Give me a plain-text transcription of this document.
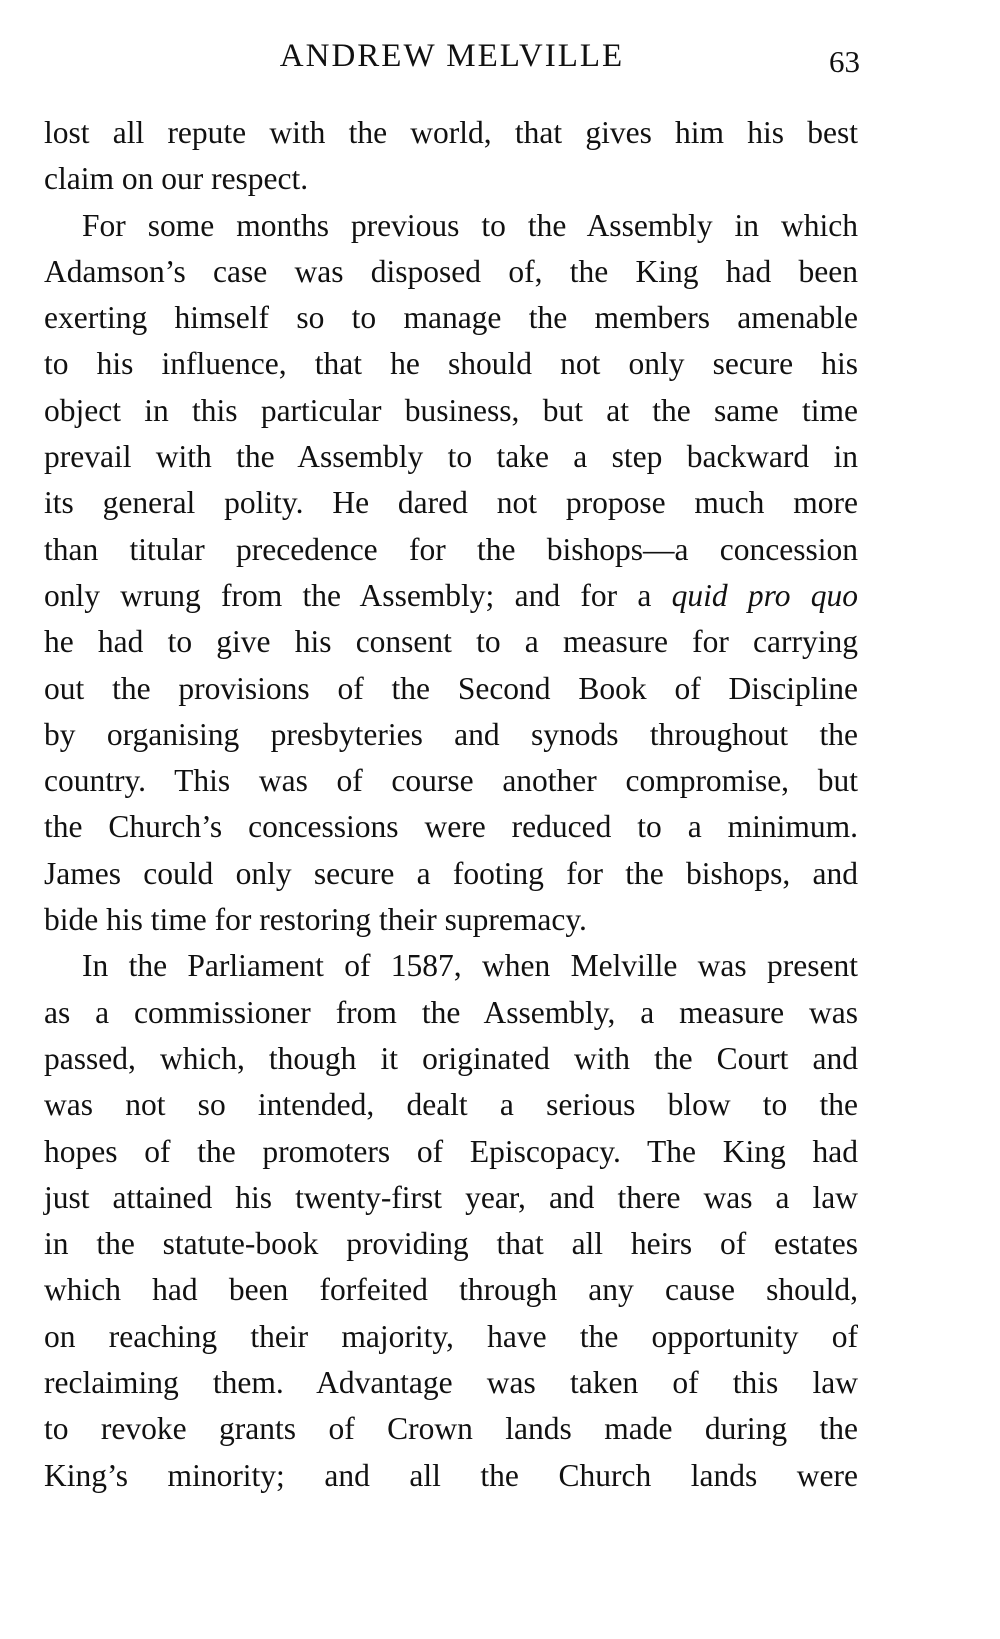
ANDREW MELVILLE	63
lost all repute with the world, that gives him his best
claim on our respect.
For some months previous to the Assembly in which
Adamson’s case was disposed of, the King had been
exerting himself so to manage the members amenable
to his influence, that he should not only secure his
object in this particular business, but at the same time
prevail with the Assembly to take a step backward in
its general polity. He dared not propose much more
than titular precedence for the bishops—a concession
only wrung from the Assembly; and for a quid pro quo
he had to give his consent to a measure for carrying
out the provisions of the Second Book of Discipline
by organising presbyteries and synods throughout the
country. This was of course another compromise, but
the Church’s concessions were reduced to a minimum.
James could only secure a footing for the bishops, and
bide his time for restoring their supremacy.
In the Parliament of 1587, when Melville was present
as a commissioner from the Assembly, a measure was
passed, which, though it originated with the Court and
was not so intended, dealt a serious blow to the
hopes of the promoters of Episcopacy. The King had
just attained his twenty-first year, and there was a law
in the statute-book providing that all heirs of estates
which had been forfeited through any cause should,
on reaching their majority, have the opportunity of
reclaiming them. Advantage was taken of this law
to revoke grants of Crown lands made during the
King’s minority; and all the Church lands were
